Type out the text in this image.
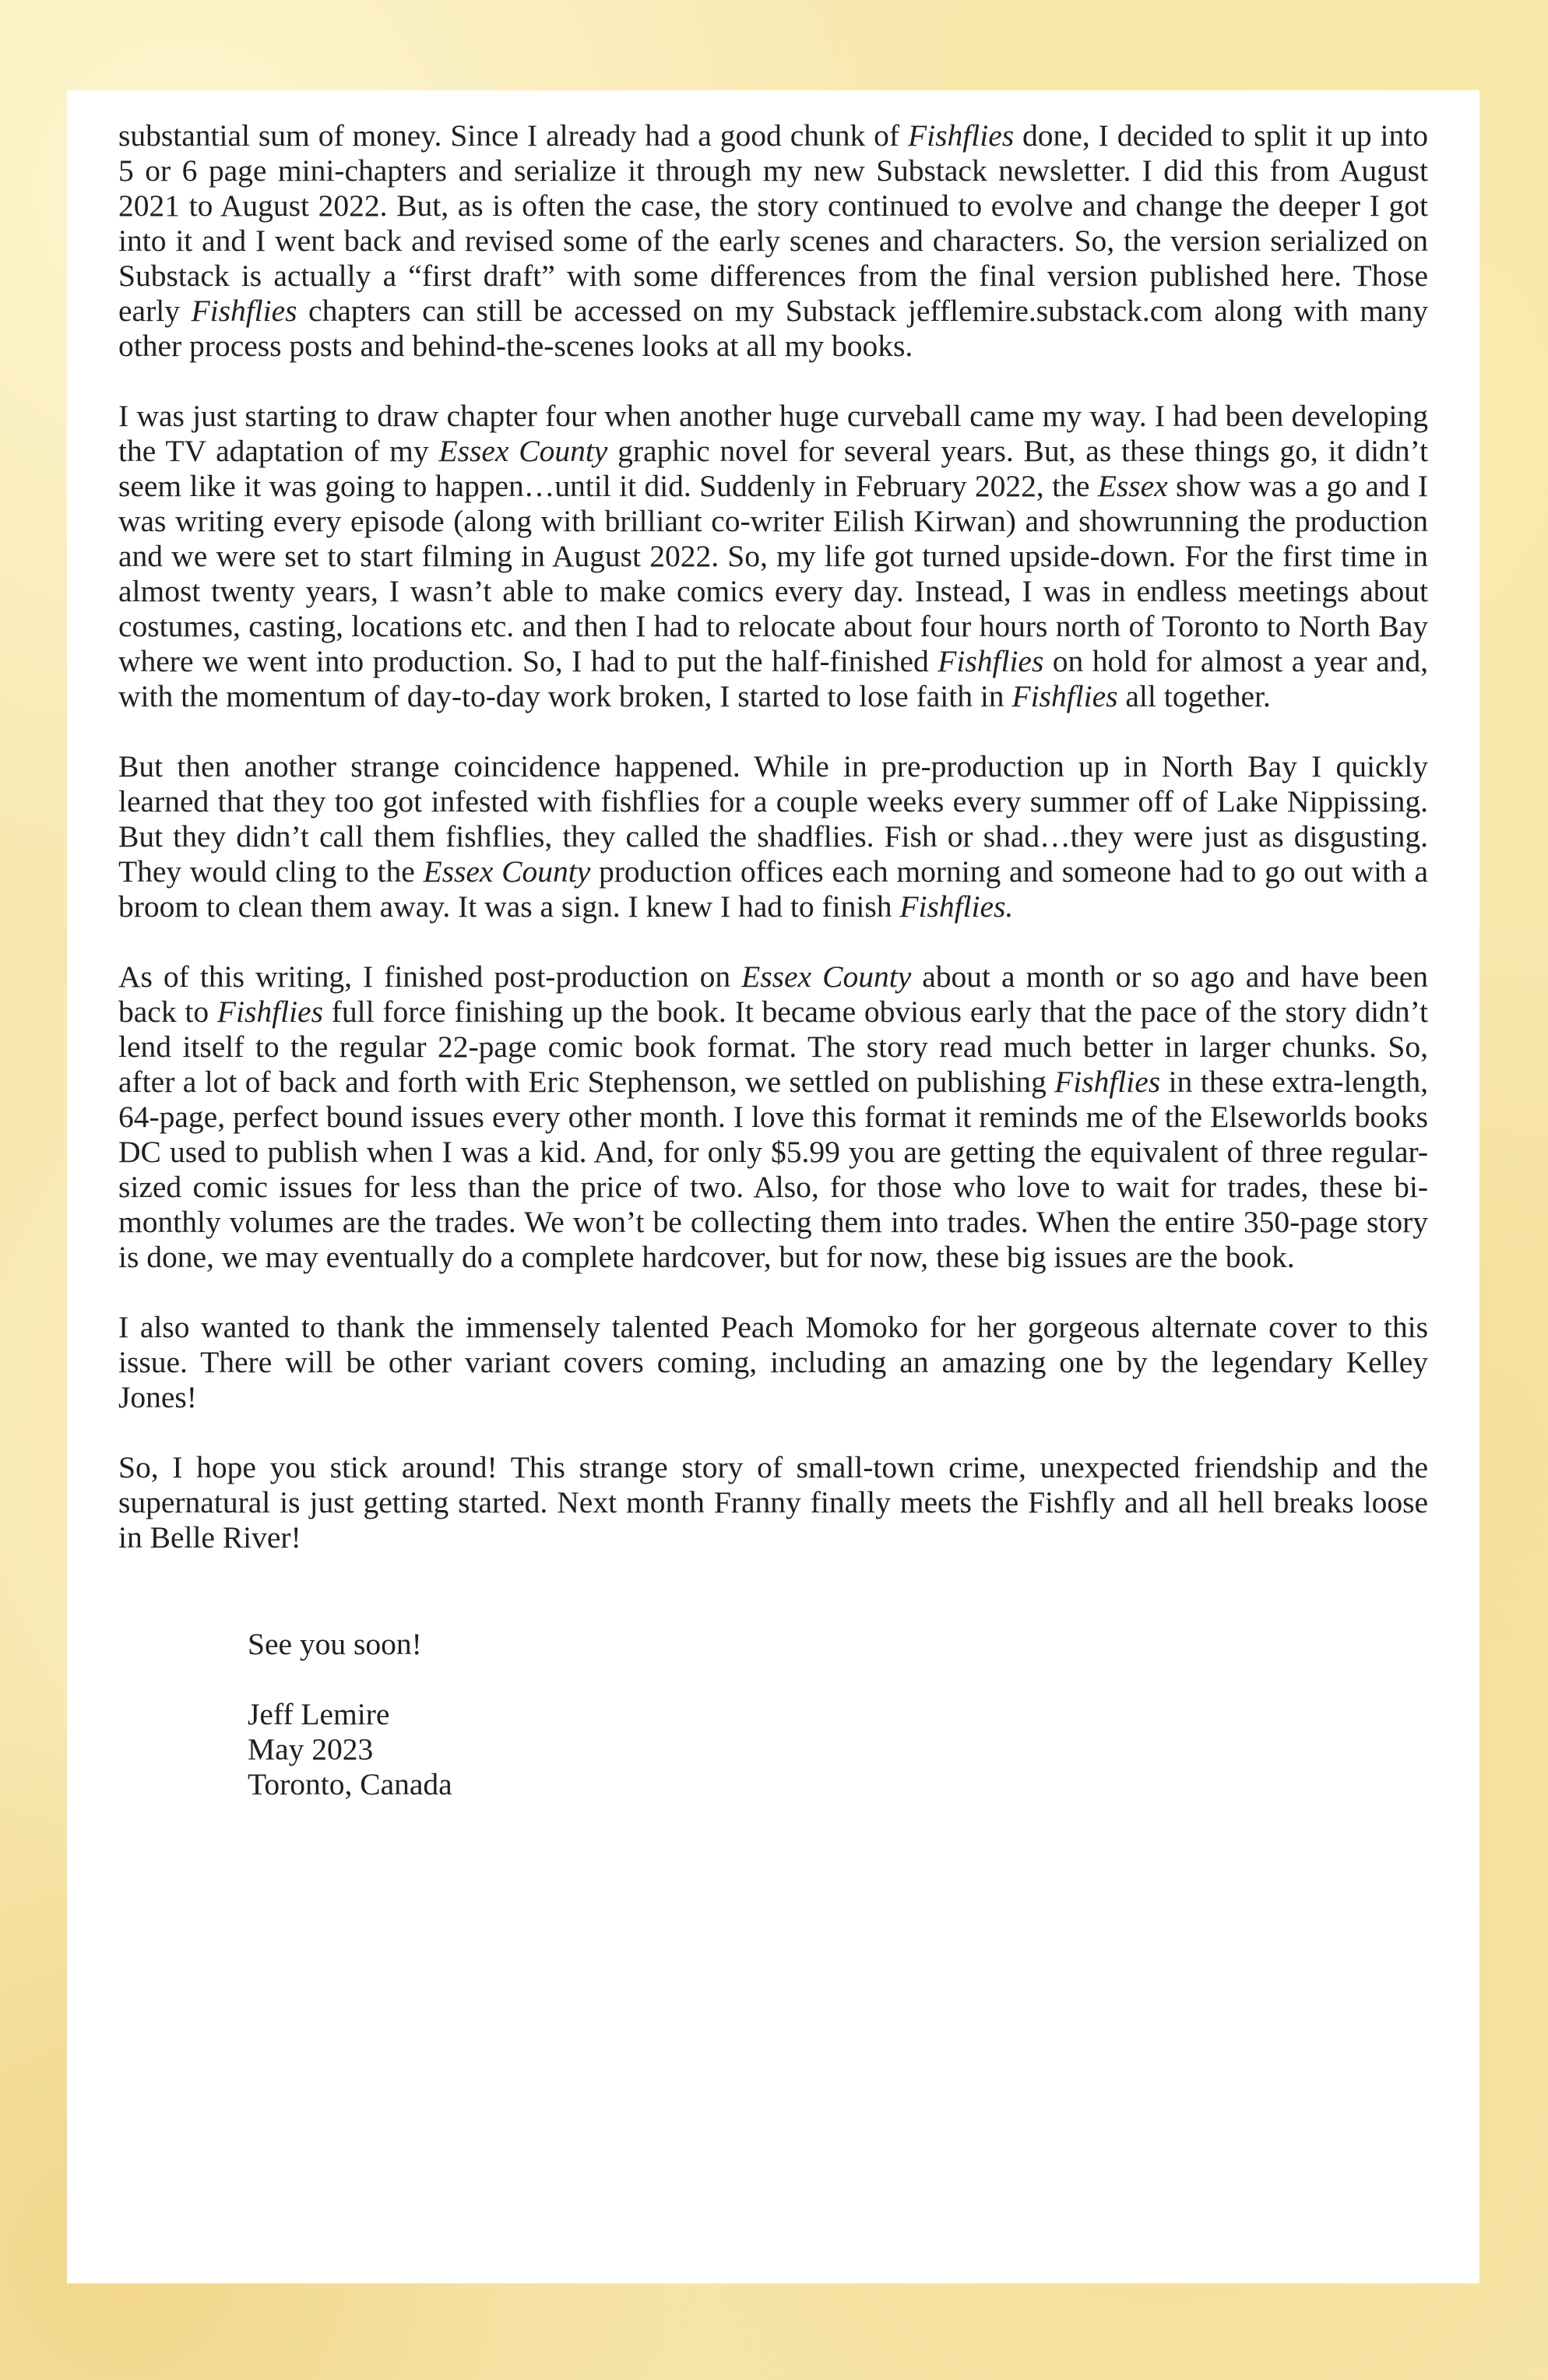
substantial sum of money. Since I already had a good chunk of Fishflies done, I decided to split it up into 5 or 6 page mini-chapters and serialize it through my new Substack newsletter. I did this from August 2021 to August 2022. But, as is often the case, the story continued to evolve and change the deeper I got into it and I went back and revised some of the early scenes and characters. So, the version serialized on Substack is actually a “first draft” with some differences from the final version published here. Those early Fishflies chapters can still be accessed on my Substack jefflemire.substack.com along with many other process posts and behind-the-scenes looks at all my books.

I was just starting to draw chapter four when another huge curveball came my way. I had been developing the TV adaptation of my Essex County graphic novel for several years. But, as these things go, it didn’t seem like it was going to happen…until it did. Suddenly in February 2022, the Essex show was a go and I was writing every episode (along with brilliant co-writer Eilish Kirwan) and showrunning the production and we were set to start filming in August 2022. So, my life got turned upside-down. For the first time in almost twenty years, I wasn’t able to make comics every day. Instead, I was in endless meetings about costumes, casting, locations etc. and then I had to relocate about four hours north of Toronto to North Bay where we went into production. So, I had to put the half-finished Fishflies on hold for almost a year and, with the momentum of day-to-day work broken, I started to lose faith in Fishflies all together.

But then another strange coincidence happened. While in pre-production up in North Bay I quickly learned that they too got infested with fishflies for a couple weeks every summer off of Lake Nippissing. But they didn’t call them fishflies, they called the shadflies. Fish or shad…they were just as disgusting. They would cling to the Essex County production offices each morning and someone had to go out with a broom to clean them away. It was a sign. I knew I had to finish Fishflies.

As of this writing, I finished post-production on Essex County about a month or so ago and have been back to Fishflies full force finishing up the book. It became obvious early that the pace of the story didn’t lend itself to the regular 22-page comic book format. The story read much better in larger chunks. So, after a lot of back and forth with Eric Stephenson, we settled on publishing Fishflies in these extra-length, 64-page, perfect bound issues every other month. I love this format it reminds me of the Elseworlds books DC used to publish when I was a kid. And, for only $5.99 you are getting the equivalent of three regular-sized comic issues for less than the price of two. Also, for those who love to wait for trades, these bi-monthly volumes are the trades. We won’t be collecting them into trades. When the entire 350-page story is done, we may eventually do a complete hardcover, but for now, these big issues are the book.

I also wanted to thank the immensely talented Peach Momoko for her gorgeous alternate cover to this issue. There will be other variant covers coming, including an amazing one by the legendary Kelley Jones!

So, I hope you stick around! This strange story of small-town crime, unexpected friendship and the supernatural is just getting started. Next month Franny finally meets the Fishfly and all hell breaks loose in Belle River!

See you soon!

Jeff Lemire
May 2023
Toronto, Canada
